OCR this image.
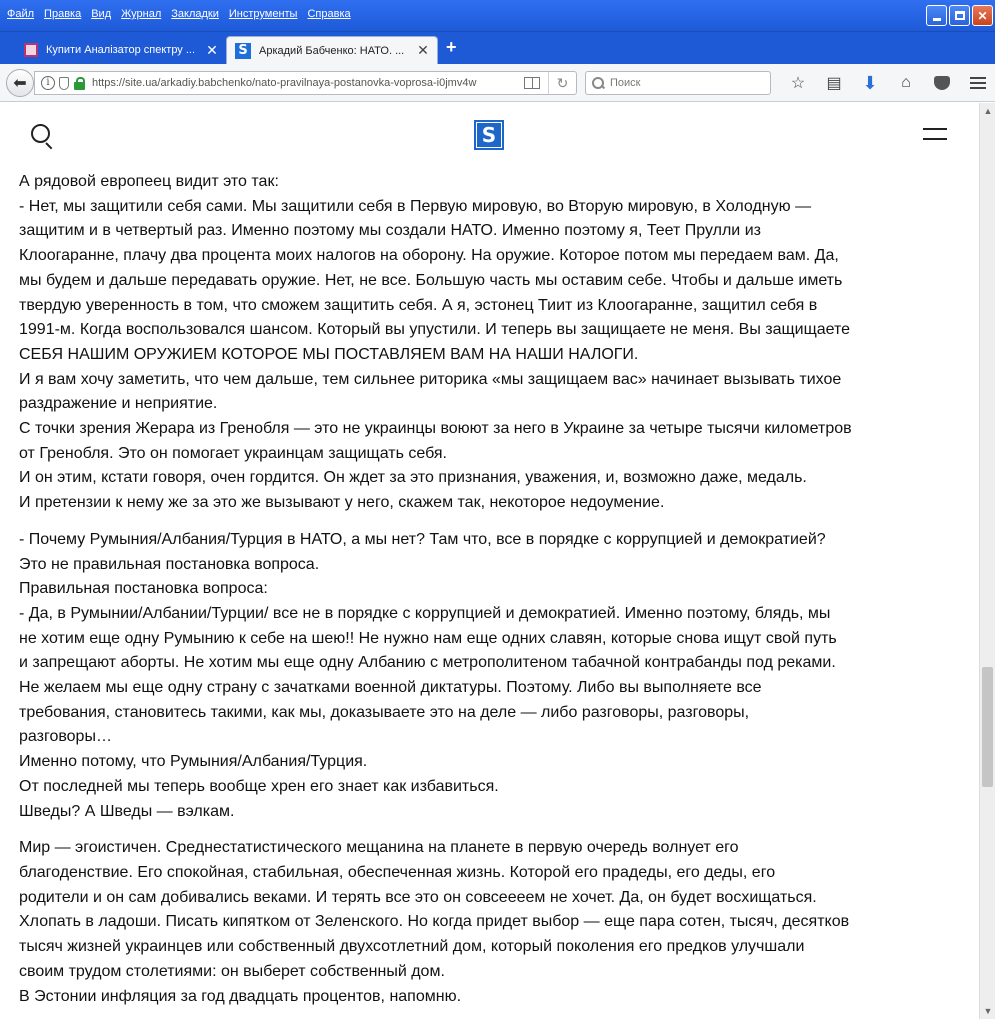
Файл Правка Вид Журнал Закладки Инструменты Справка	✕
Купити Аналізатор спектру ... ✕ S	Аркадий Бабченко: НАТО. ... ✕ +
⬅	i	https://site.ua/arkadiy.babchenko/nato-pravilnaya-postanovka-voprosa-i0jmv4w	↻	Поиск	☆	▤	⬇	⌂
S
А рядовой европеец видит это так:
- Нет, мы защитили себя сами. Мы защитили себя в Первую мировую, во Вторую мировую, в Холодную —
защитим и в четвертый раз. Именно поэтому мы создали НАТО. Именно поэтому я, Теет Прулли из
Клоогаранне, плачу два процента моих налогов на оборону. На оружие. Которое потом мы передаем вам. Да,
мы будем и дальше передавать оружие. Нет, не все. Большую часть мы оставим себе. Чтобы и дальше иметь
твердую уверенность в том, что сможем защитить себя. А я, эстонец Тиит из Клоогаранне, защитил себя в
1991-м. Когда воспользовался шансом. Который вы упустили. И теперь вы защищаете не меня. Вы защищаете
СЕБЯ НАШИМ ОРУЖИЕМ КОТОРОЕ МЫ ПОСТАВЛЯЕМ ВАМ НА НАШИ НАЛОГИ.
И я вам хочу заметить, что чем дальше, тем сильнее риторика «мы защищаем вас» начинает вызывать тихое
раздражение и неприятие.
С точки зрения Жерара из Гренобля — это не украинцы воюют за него в Украине за четыре тысячи километров
от Гренобля. Это он помогает украинцам защищать себя.
И он этим, кстати говоря, очен гордится. Он ждет за это признания, уважения, и, возможно даже, медаль.
И претензии к нему же за это же вызывают у него, скажем так, некоторое недоумение.
- Почему Румыния/Албания/Турция в НАТО, а мы нет? Там что, все в порядке с коррупцией и демократией?
Это не правильная постановка вопроса.
Правильная постановка вопроса:
- Да, в Румынии/Албании/Турции/ все не в порядке с коррупцией и демократией. Именно поэтому, блядь, мы
не хотим еще одну Румынию к себе на шею!! Не нужно нам еще одних славян, которые снова ищут свой путь
и запрещают аборты. Не хотим мы еще одну Албанию с метрополитеном табачной контрабанды под реками.
Не желаем мы еще одну страну с зачатками военной диктатуры. Поэтому. Либо вы выполняете все
требования, становитесь такими, как мы, доказываете это на деле — либо разговоры, разговоры,
разговоры…
Именно потому, что Румыния/Албания/Турция.
От последней мы теперь вообще хрен его знает как избавиться.
Шведы? А Шведы — вэлкам.
Мир — эгоистичен. Среднестатистического мещанина на планете в первую очередь волнует его
благоденствие. Его спокойная, стабильная, обеспеченная жизнь. Которой его прадеды, его деды, его
родители и он сам добивались веками. И терять все это он совсеееем не хочет. Да, он будет восхищаться.
Хлопать в ладоши. Писать кипятком от Зеленского. Но когда придет выбор — еще пара сотен, тысяч, десятков
тысяч жизней украинцев или собственный двухсотлетний дом, который поколения его предков улучшали
своим трудом столетиями: он выберет собственный дом.
В Эстонии инфляция за год двадцать процентов, напомню.
▲
▼
